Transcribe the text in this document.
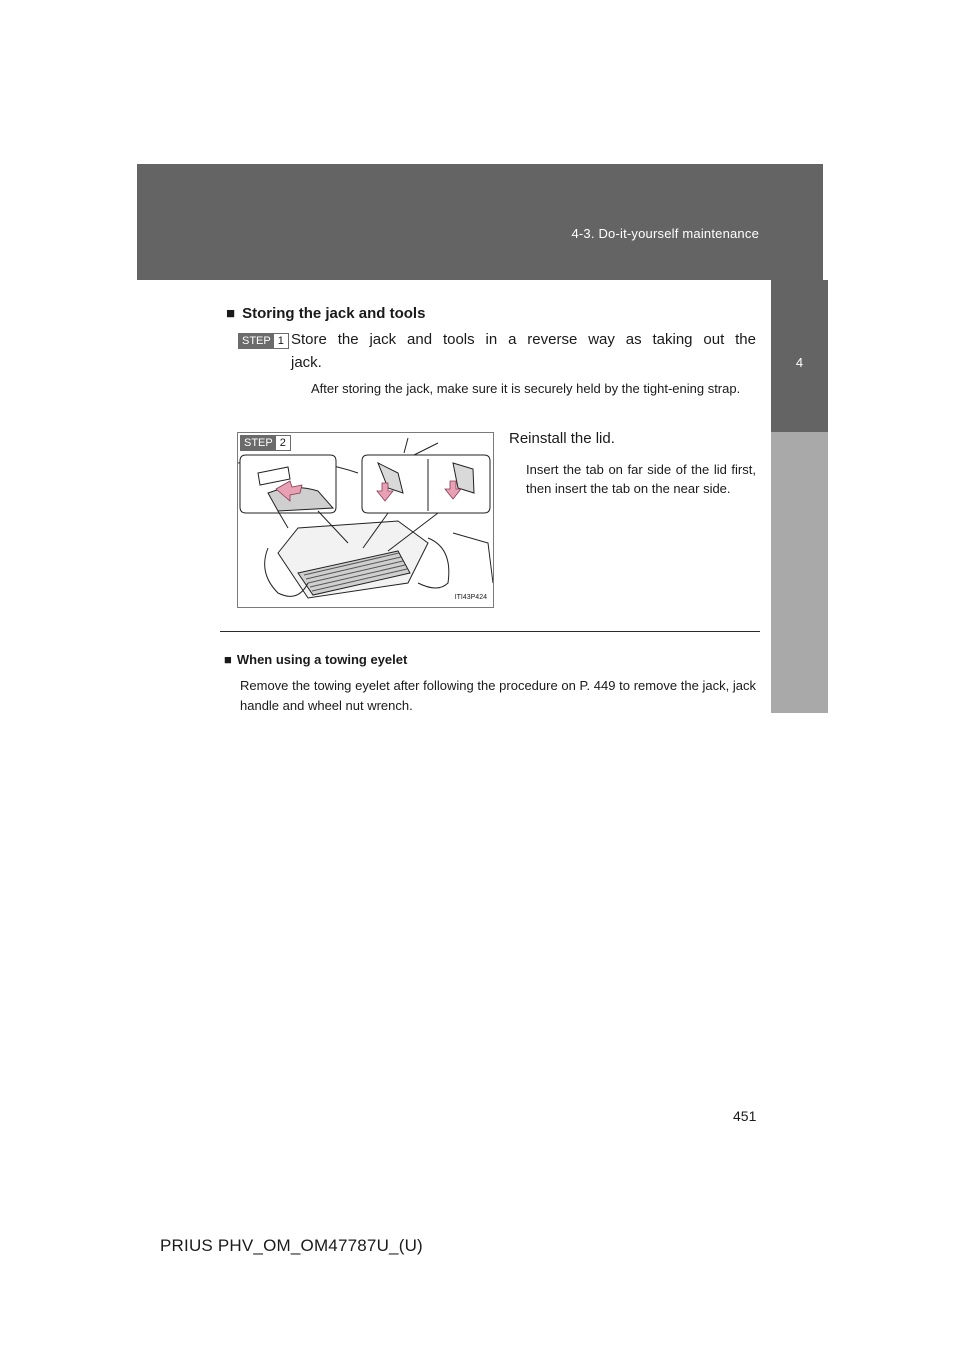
4-3. Do-it-yourself maintenance
4
Maintenance and care
■ Storing the jack and tools
STEP 1 Store the jack and tools in a reverse way as taking out the
jack.
After storing the jack, make sure it is securely held by the tight-ening strap.
STEP 2
ITI43P424
Reinstall the lid.
Insert the tab on far side of the lid first, then insert the tab on the near side.
■ When using a towing eyelet
Remove the towing eyelet after following the procedure on P. 449 to remove the jack, jack handle and wheel nut wrench.
451
PRIUS PHV_OM_OM47787U_(U)
